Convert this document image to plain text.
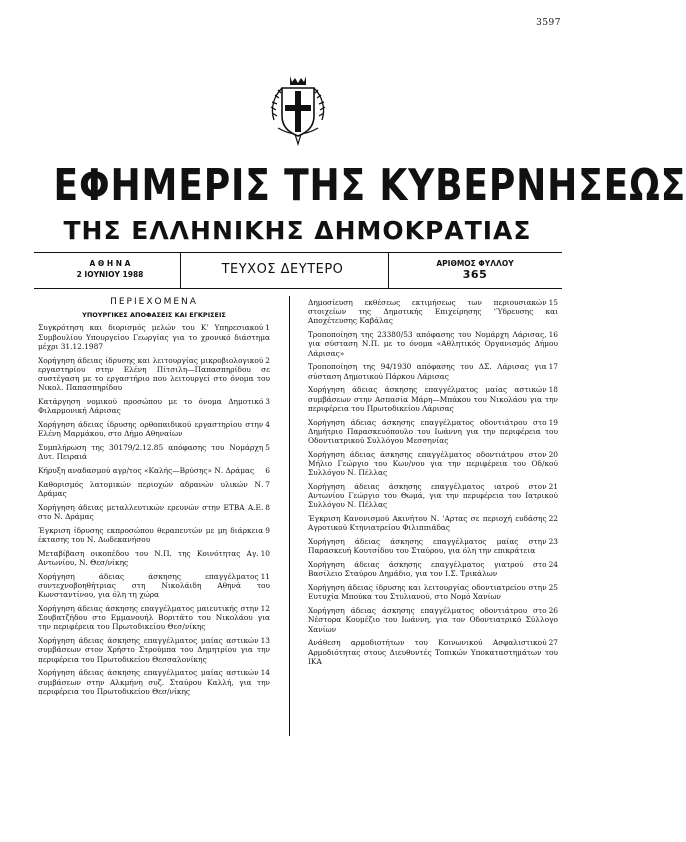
3597
ΕΦΗΜΕΡΙΣ ΤΗΣ ΚΥΒΕΡΝΗΣΕΩΣ
ΤΗΣ ΕΛΛΗΝΙΚΗΣ ΔΗΜΟΚΡΑΤΙΑΣ
Α Θ Η Ν Α
2 ΙΟΥΝΙΟΥ 1988	ΤΕΥΧΟΣ ΔΕΥΤΕΡΟ	ΑΡΙΘΜΟΣ ΦΥΛΛΟΥ
365
ΠΕΡΙΕΧΟΜΕΝΑ
ΥΠΟΥΡΓΙΚΕΣ ΑΠΟΦΑΣΕΙΣ ΚΑΙ ΕΓΚΡΙΣΕΙΣ
1
Συγκρότηση και διορισμός μελών του Κ' Υπηρεσιακού Συμβουλίου Υπουργείου Γεωργίας για το χρονικό διάστημα μέχρι 31.12.1987
2
Χορήγηση άδειας ίδρυσης και λειτουργίας μικροβιολογικού εργαστηρίου στην Ελένη Πίτσιλη—Παπασπηρίδου σε συστέγαση με το εργαστήριο που λειτουργεί στο όνομα του Νικολ. Παπασπηρίδου
3
Κατάργηση νομικού προσώπου με το όνομα Δημοτικό Φιλαρμονική Λάρισας
4
Χορήγηση άδειας ίδρυσης ορθοπαιδικού εργαστηρίου στην Ελένη Μαρμάκου, στο Δήμο Αθηναίων
5
Συμπλήρωση της 30179/2.12.85 απόφασης του Νομάρχη Δυτ. Πειραιά
6
Κήρυξη αναδασμού αγρ/τος «Καλής—Βρύσης» Ν. Δράμας
7
Καθορισμός λατομικών περιοχών αδρανών υλικών Ν. Δράμας
8
Χορήγηση άδειας μεταλλευτικών ερευνών στην ΕΤΒΑ Α.Ε. στο Ν. Δράμας
9
Έγκριση ίδρυσης εκπροσώπου θεραπευτών με μη διάρκεια έκτασης του Ν. Δωδεκανήσου
10
Μεταβίβαση οικοπέδου του Ν.Π. της Κοινότητας Αγ. Αντωνίου, Ν. Θεσ/νίκης
11
Χορήγηση άδειας άσκησης επαγγέλματος συντεχνοβοηθήτριας στη Νικολάιδη Αθηνά του Κωνσταντίνου, για όλη τη χώρα
12
Χορήγηση άδειας άσκησης επαγγέλματος μαιευτικής στην Σουβατζήδου στο Εμμανουήλ Βοριτάτο του Νικολάου για την περιφέρεια του Πρωτοδικείου Θεσ/νίκης
13
Χορήγηση άδειας άσκησης επαγγέλματος μαίας αστικών συμβάσεων στον Χρήστο Στρούμπα του Δημητρίου για την περιφέρεια του Πρωτοδικείου Θεσσαλονίκης
14
Χορήγηση άδειας άσκησης επαγγέλματος μαίας αστικών συμβάσεων στην Αλκμήνη συζ. Σταύρου Καλλή, για την περιφέρεια του Πρωτοδικείου Θεσ/νίκης
15
Δημοσίευση εκθέσεως εκτιμήσεως των περιουσιακών στοιχείων της Δημοτικής Επιχείρησης 'Ύδρευσης και Αποχέτευσης Καβάλας
16
Τροποποίηση της 23380/53 απόφασης του Νομάρχη Λάρισας, για σύσταση Ν.Π. με το όνομα «Αθλητικός Οργανισμός Δήμου Λάρισας»
17
Τροποποίηση της 94/1930 απόφασης του ΔΣ. Λάρισας για σύσταση Δημοτικού Πάρκου Λάρισας
18
Χορήγηση άδειας άσκησης επαγγέλματος μαίας αστικών συμβάσεων στην Ασπασία Μάρη—Μπάκου του Νικολάου για την περιφέρεια του Πρωτοδικείου Λάρισας
19
Χορήγηση άδειας άσκησης επαγγέλματος οδοντιάτρου στο Δημήτριο Παρασκευόπουλο του Ιωάννη για την περιφέρεια του Οδοντιατρικού Συλλόγου Μεσσηνίας
20
Χορήγηση άδειας άσκησης επαγγέλματος οδοντιάτρου στον Μήλιο Γεώργιο του Κων/νου για την περιφέρεια του Οδ/κού Συλλόγου Ν. Πέλλας
21
Χορήγηση άδειας άσκησης επαγγέλματος ιατρού στον Αντωνίου Γεώργιο του Θωμά, για την περιφέρεια του Ιατρικού Συλλόγου Ν. Πέλλας
22
Έγκριση Κανονισμού Ακινήτου Ν. 'Αρτας σε περιοχή ευδάσης Αγροτικού Κτηνιατρείου Φιλιππιάδας
23
Χορήγηση άδειας άσκησης επαγγέλματος μαίας στην Παρασκευή Κουτσίδου του Σταύρου, για όλη την επικράτεια
24
Χορήγηση άδειας άσκησης επαγγέλματος γιατρού στο Βασίλειο Σταύρου Δημάδιο, για τον Ι.Σ. Τρικάλων
25
Χορήγηση άδειας ίδρυσης και λειτουργίας οδοντιατρείου στην Ευτυχία Μπούκα του Στυλιανού, στο Νομό Χανίων
26
Χορήγηση άδειας άσκησης επαγγέλματος οδοντιάτρου στο Νέστορα Κουμέζιο του Ιωάννη, για τον Οδοντιατρικό Σύλλογο Χανίων
27
Ανάθεση αρμοδιοτήτων του Κοινωνικού Ασφαλιστικού Αρμοδιότητας στους Διευθυντές Τοπικών Υποκαταστημάτων του ΙΚΑ
